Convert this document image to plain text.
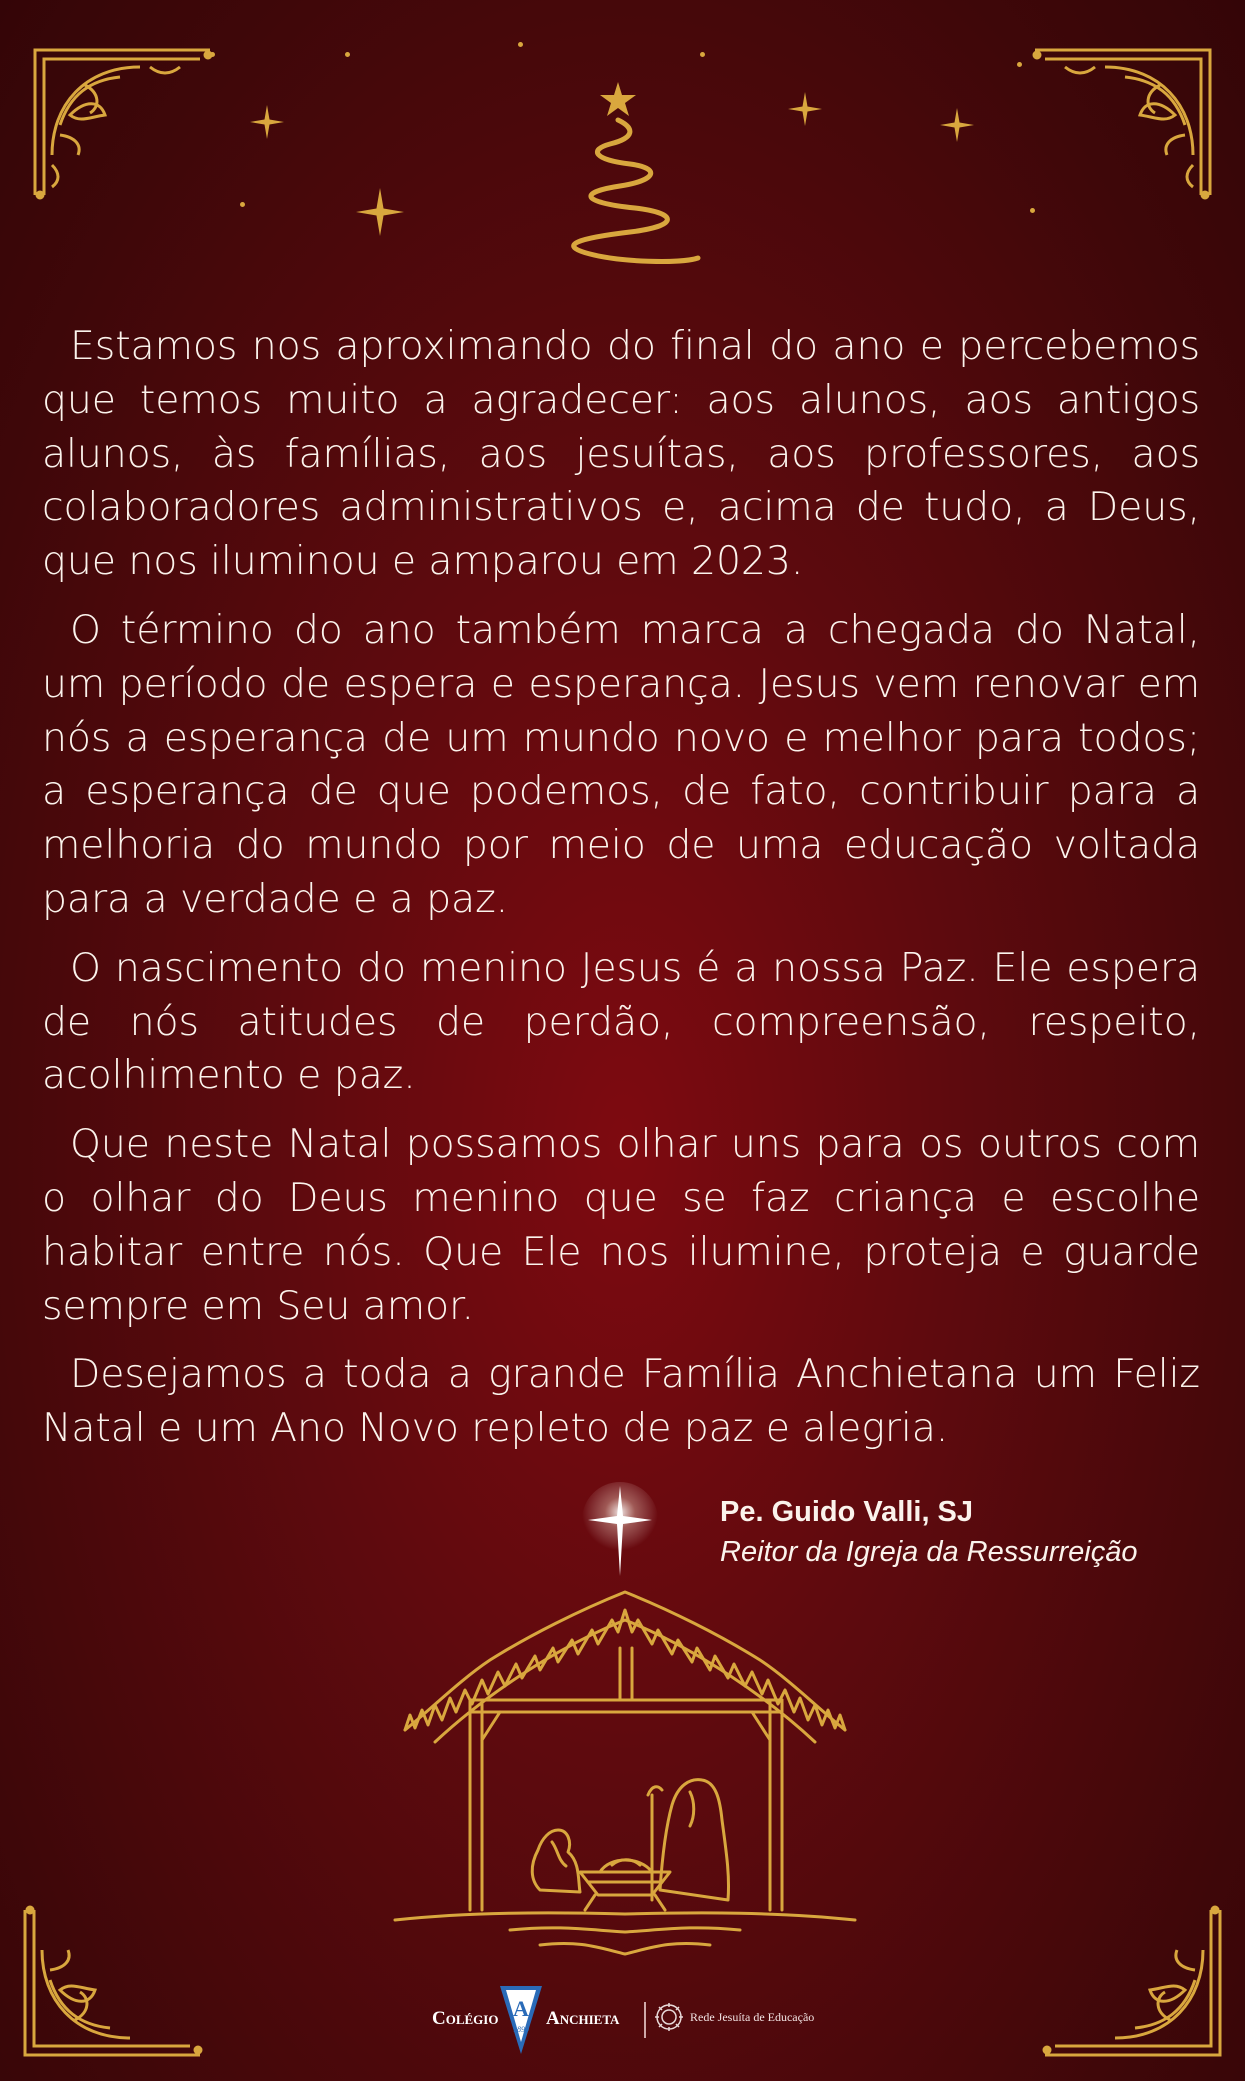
Estamos nos aproximando do final do ano e percebemos que temos muito a agradecer: aos alunos, aos antigos alunos, às famílias, aos jesuítas, aos professores, aos colaboradores administrativos e, acima de tudo, a Deus, que nos iluminou e amparou em 2023.

O término do ano também marca a chegada do Natal, um período de espera e esperança. Jesus vem renovar em nós a esperança de um mundo novo e melhor para todos; a esperança de que podemos, de fato, contribuir para a melhoria do mundo por meio de uma educação voltada para a verdade e a paz.

O nascimento do menino Jesus é a nossa Paz. Ele espera de nós atitudes de perdão, compreensão, respeito, acolhimento e paz.

Que neste Natal possamos olhar uns para os outros com o olhar do Deus menino que se faz criança e escolhe habitar entre nós. Que Ele nos ilumine, proteja e guarde sempre em Seu amor.

Desejamos a toda a grande Família Anchietana um Feliz Natal e um Ano Novo repleto de paz e alegria.

Pe. Guido Valli, SJ
Reitor da Igreja da Ressurreição
Colégio A
1890
Anchieta	Rede Jesuíta de Educação
